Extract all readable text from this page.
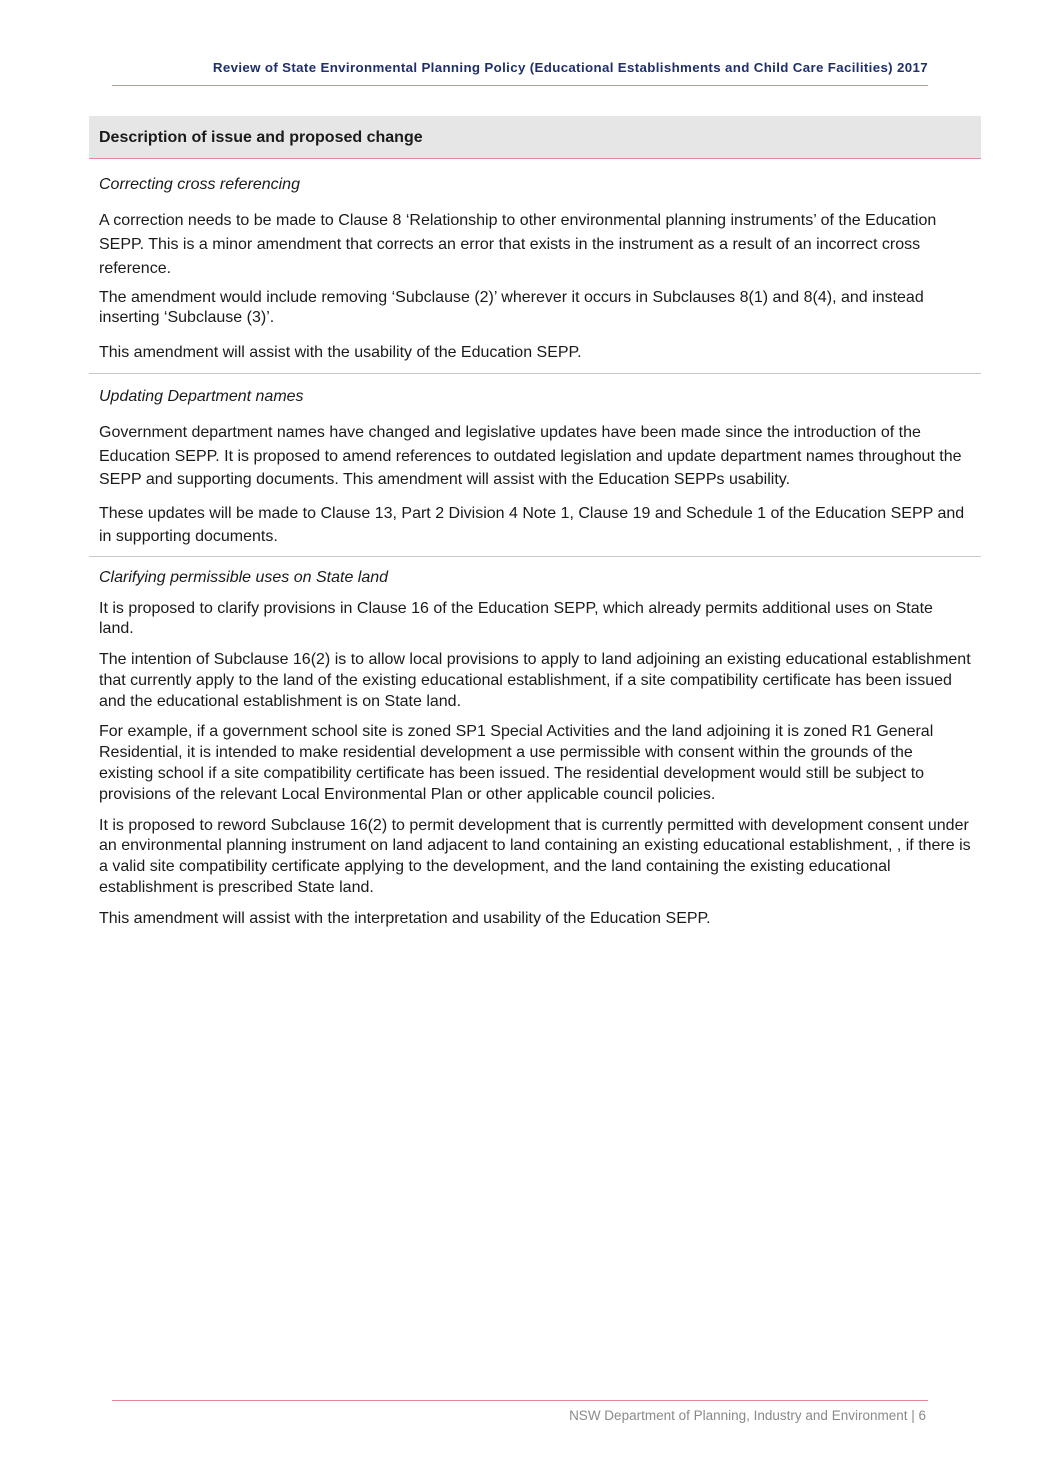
Review of State Environmental Planning Policy (Educational Establishments and Child Care Facilities) 2017
Description of issue and proposed change

Correcting cross referencing

A correction needs to be made to Clause 8 ‘Relationship to other environmental planning instruments’ of the Education SEPP. This is a minor amendment that corrects an error that exists in the instrument as a result of an incorrect cross reference.

The amendment would include removing ‘Subclause (2)’ wherever it occurs in Subclauses 8(1) and 8(4), and instead inserting ‘Subclause (3)’.

This amendment will assist with the usability of the Education SEPP.

Updating Department names

Government department names have changed and legislative updates have been made since the introduction of the Education SEPP. It is proposed to amend references to outdated legislation and update department names throughout the SEPP and supporting documents. This amendment will assist with the Education SEPPs usability.

These updates will be made to Clause 13, Part 2 Division 4 Note 1, Clause 19 and Schedule 1 of the Education SEPP and in supporting documents.

Clarifying permissible uses on State land

It is proposed to clarify provisions in Clause 16 of the Education SEPP, which already permits additional uses on State land.

The intention of Subclause 16(2) is to allow local provisions to apply to land adjoining an existing educational establishment that currently apply to the land of the existing educational establishment, if a site compatibility certificate has been issued and the educational establishment is on State land.

For example, if a government school site is zoned SP1 Special Activities and the land adjoining it is zoned R1 General Residential, it is intended to make residential development a use permissible with consent within the grounds of the existing school if a site compatibility certificate has been issued. The residential development would still be subject to provisions of the relevant Local Environmental Plan or other applicable council policies.

It is proposed to reword Subclause 16(2) to permit development that is currently permitted with development consent under an environmental planning instrument on land adjacent to land containing an existing educational establishment, , if there is a valid site compatibility certificate applying to the development, and the land containing the existing educational establishment is prescribed State land.

This amendment will assist with the interpretation and usability of the Education SEPP.

NSW Department of Planning, Industry and Environment | 6
